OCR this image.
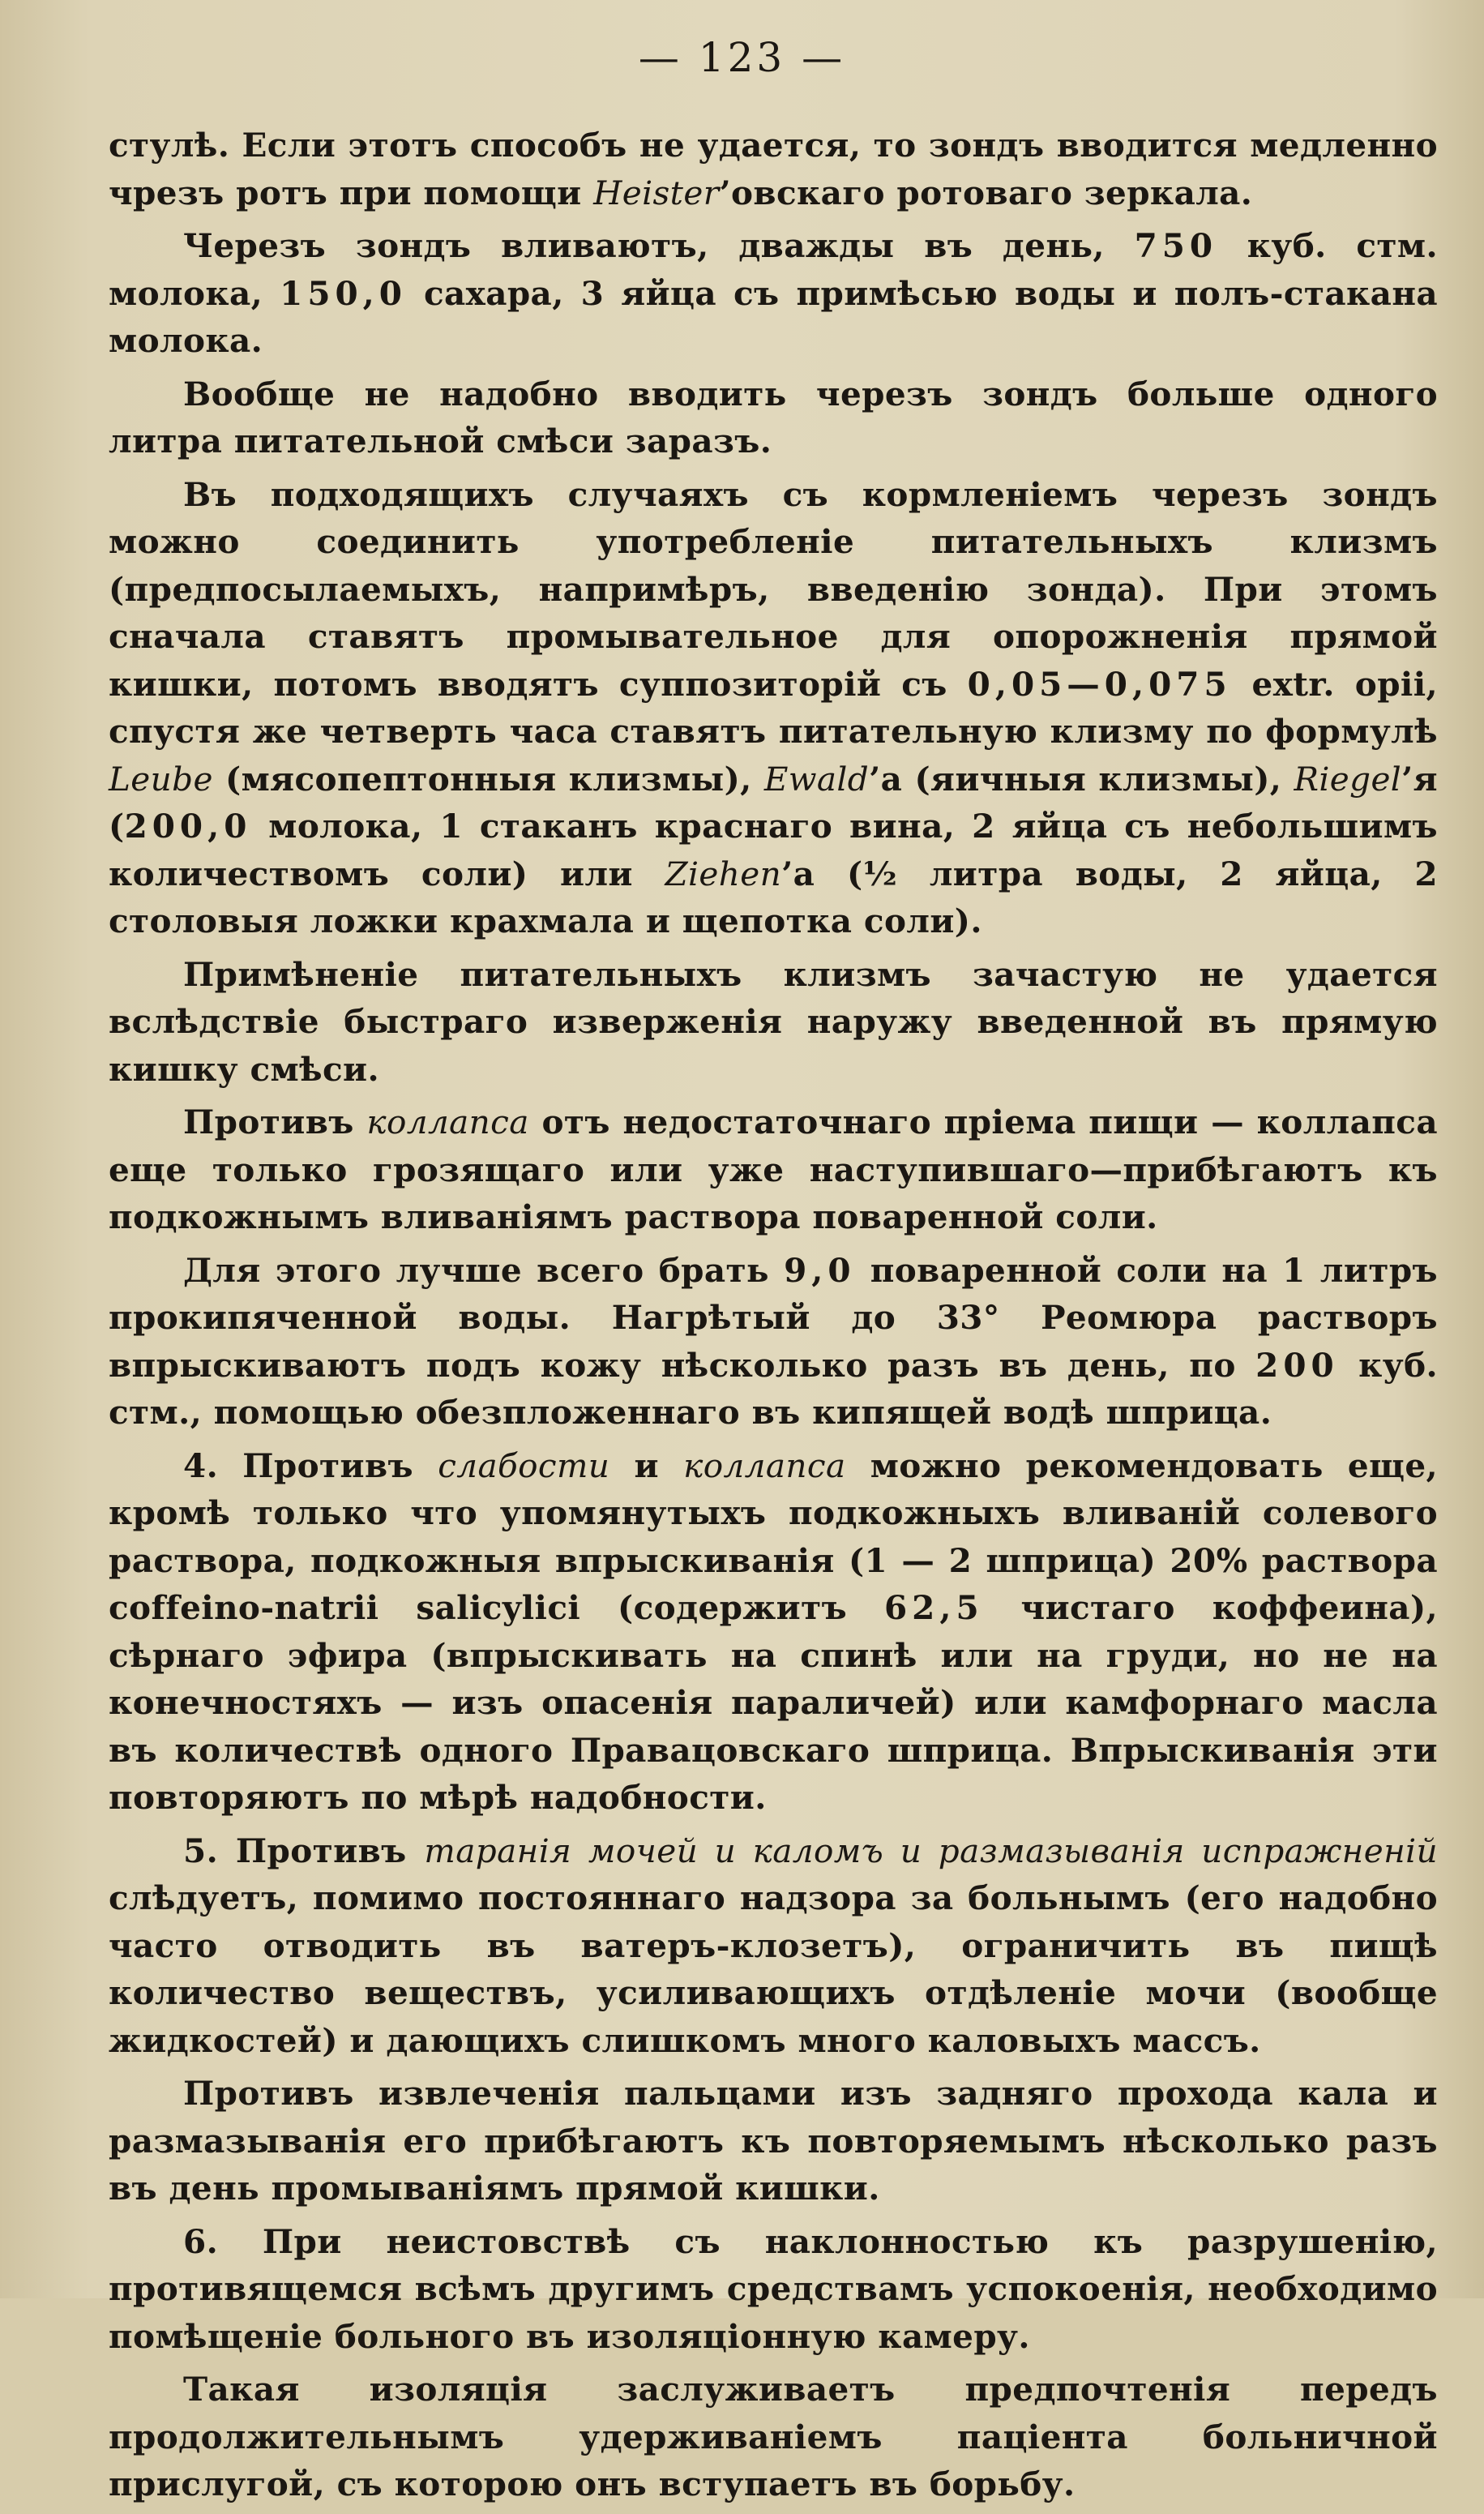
— 123 —

стулѣ. Если этотъ способъ не удается, то зондъ вводится медленно чрезъ ротъ при помощи Heister’овскаго ротоваго зеркала.

Черезъ зондъ вливаютъ, дважды въ день, 750 куб. стм. молока, 150,0 сахара, 3 яйца съ примѣсью воды и полъ-стакана молока.

Вообще не надобно вводить черезъ зондъ больше одного литра питательной смѣси заразъ.

Въ подходящихъ случаяхъ съ кормленіемъ черезъ зондъ можно соединить употребленіе питательныхъ клизмъ (предпосылаемыхъ, напримѣръ, введенію зонда). При этомъ сначала ставятъ промывательное для опорожненія прямой кишки, потомъ вводятъ суппозиторій съ 0,05—0,075 extr. opii, спустя же четверть часа ставятъ питательную клизму по формулѣ Leube (мясопептонныя клизмы), Ewald’а (яичныя клизмы), Riegel’я (200,0 молока, 1 стаканъ краснаго вина, 2 яйца съ небольшимъ количествомъ соли) или Ziehen’а (½ литра воды, 2 яйца, 2 столовыя ложки крахмала и щепотка соли).

Примѣненіе питательныхъ клизмъ зачастую не удается вслѣдствіе быстраго изверженія наружу введенной въ прямую кишку смѣси.

Противъ коллапса отъ недостаточнаго пріема пищи — коллапса еще только грозящаго или уже наступившаго—прибѣгаютъ къ подкожнымъ вливаніямъ раствора поваренной соли.

Для этого лучше всего брать 9,0 поваренной соли на 1 литръ прокипяченной воды. Нагрѣтый до 33° Реомюра растворъ впрыскиваютъ подъ кожу нѣсколько разъ въ день, по 200 куб. стм., помощью обезпложеннаго въ кипящей водѣ шприца.

4. Противъ слабости и коллапса можно рекомендовать еще, кромѣ только что упомянутыхъ подкожныхъ вливаній солевого раствора, подкожныя впрыскиванія (1 — 2 шприца) 20% раствора coffeino-natrii salicylici (содержитъ 62,5 чистаго коффеина), сѣрнаго эфира (впрыскивать на спинѣ или на груди, но не на конечностяхъ — изъ опасенія параличей) или камфорнаго масла въ количествѣ одного Правацовскаго шприца. Впрыскиванія эти повторяютъ по мѣрѣ надобности.

5. Противъ maранія мочей и каломъ и размазыванія испражненій слѣдуетъ, помимо постояннаго надзора за больнымъ (его надобно часто отводить въ ватеръ-клозетъ), ограничить въ пищѣ количество веществъ, усиливающихъ отдѣленіе мочи (вообще жидкостей) и дающихъ слишкомъ много каловыхъ массъ.

Противъ извлеченія пальцами изъ задняго прохода кала и размазыванія его прибѣгаютъ къ повторяемымъ нѣсколько разъ въ день промываніямъ прямой кишки.

6. При неистовствѣ съ наклонностью къ разрушенію, противящемся всѣмъ другимъ средствамъ успокоенія, необходимо помѣщеніе больного въ изоляціонную камеру.

Такая изоляція заслуживаетъ предпочтенія передъ продолжительнымъ удерживаніемъ паціента больничной прислугой, съ которою онъ вступаетъ въ борьбу.
